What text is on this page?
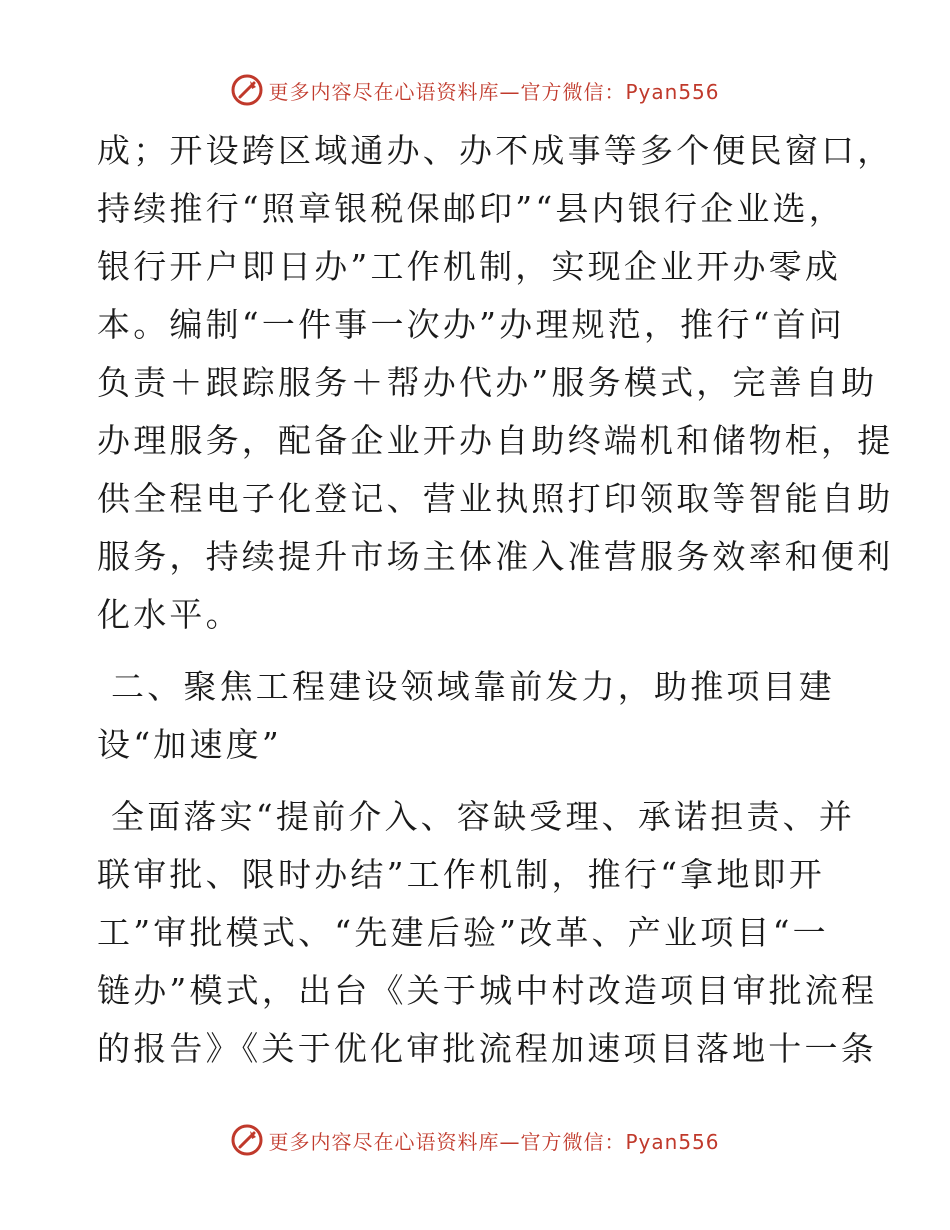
更多内容尽在心语资料库—官方微信：Pyan556
成；开设跨区域通办、办不成事等多个便民窗口，
持续推行“照章银税保邮印”“县内银行企业选，
银行开户即日办”工作机制，实现企业开办零成
本。编制“一件事一次办”办理规范，推行“首问
负责＋跟踪服务＋帮办代办”服务模式，完善自助
办理服务，配备企业开办自助终端机和储物柜，提
供全程电子化登记、营业执照打印领取等智能自助
服务，持续提升市场主体准入准营服务效率和便利
化水平。
二、聚焦工程建设领域靠前发力，助推项目建
设“加速度”
全面落实“提前介入、容缺受理、承诺担责、并
联审批、限时办结”工作机制，推行“拿地即开
工”审批模式、“先建后验”改革、产业项目“一
链办”模式，出台《关于城中村改造项目审批流程
的报告》《关于优化审批流程加速项目落地十一条
更多内容尽在心语资料库—官方微信：Pyan556
